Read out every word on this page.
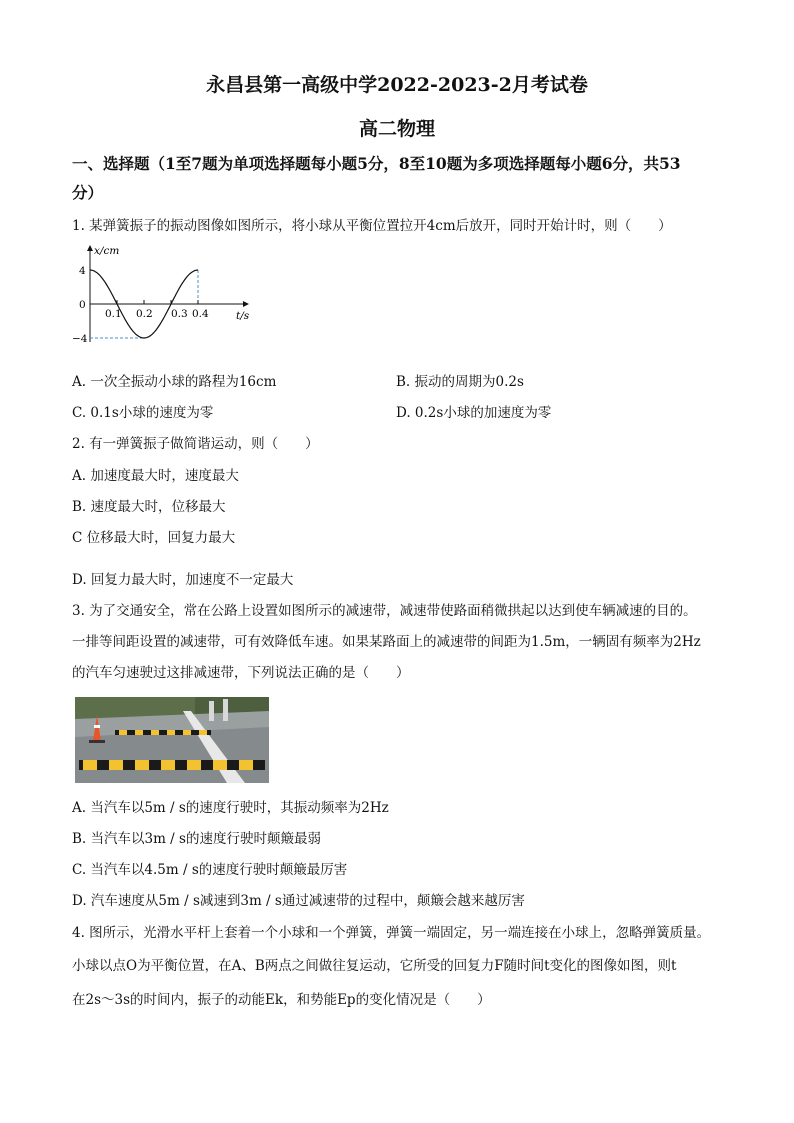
永昌县第一高级中学2022-2023-2月考试卷
高二物理
一、选择题（1至7题为单项选择题每小题5分，8至10题为多项选择题每小题6分，共53
分）
1. 某弹簧振子的振动图像如图所示，将小球从平衡位置拉开4cm后放开，同时开始计时，则（　　）
x/cm
4
0
−4
0.1 0.2 0.3 0.4	t/s
A. 一次全振动小球的路程为16cm	B. 振动的周期为0.2s
C. 0.1s小球的速度为零	D. 0.2s小球的加速度为零
2. 有一弹簧振子做简谐运动，则（　　）
A. 加速度最大时，速度最大
B. 速度最大时，位移最大
C 位移最大时，回复力最大
D. 回复力最大时，加速度不一定最大
3. 为了交通安全，常在公路上设置如图所示的减速带，减速带使路面稍微拱起以达到使车辆减速的目的。
一排等间距设置的减速带，可有效降低车速。如果某路面上的减速带的间距为1.5m，一辆固有频率为2Hz
的汽车匀速驶过这排减速带，下列说法正确的是（　　）
A. 当汽车以5m / s的速度行驶时，其振动频率为2Hz
B. 当汽车以3m / s的速度行驶时颠簸最弱
C. 当汽车以4.5m / s的速度行驶时颠簸最厉害
D. 汽车速度从5m / s减速到3m / s通过减速带的过程中，颠簸会越来越厉害
4. 图所示，光滑水平杆上套着一个小球和一个弹簧，弹簧一端固定，另一端连接在小球上，忽略弹簧质量。
小球以点O为平衡位置，在A、B两点之间做往复运动，它所受的回复力F随时间t变化的图像如图，则t
在2s～3s的时间内，振子的动能Ek，和势能Ep的变化情况是（　　）
